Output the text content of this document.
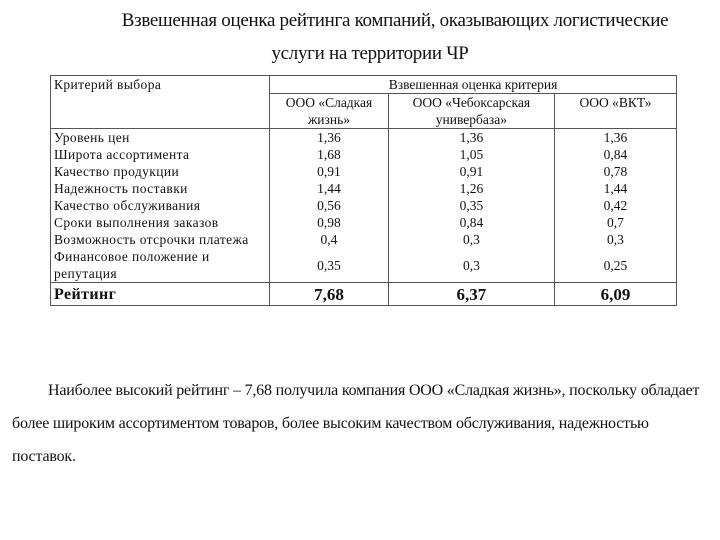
Взвешенная оценка рейтинга компаний, оказывающих логистические
услуги на территории ЧР
Критерий выбора	Взвешенная оценка критерия		
	ООО «Сладкая жизнь»	ООО «Чебоксарская универбаза»	ООО «ВКТ»
Уровень цен	1,36	1,36	1,36
Широта ассортимента	1,68	1,05	0,84
Качество продукции	0,91	0,91	0,78
Надежность поставки	1,44	1,26	1,44
Качество обслуживания	0,56	0,35	0,42
Сроки выполнения заказов	0,98	0,84	0,7
Возможность отсрочки платежа	0,4	0,3	0,3
Финансовое положение и репутация	0,35	0,3	0,25
Рейтинг	7,68	6,37	6,09

Наиболее высокий рейтинг – 7,68 получила компания ООО «Сладкая жизнь», поскольку обладает более широким ассортиментом товаров, более высоким качеством обслуживания, надежностью поставок.
